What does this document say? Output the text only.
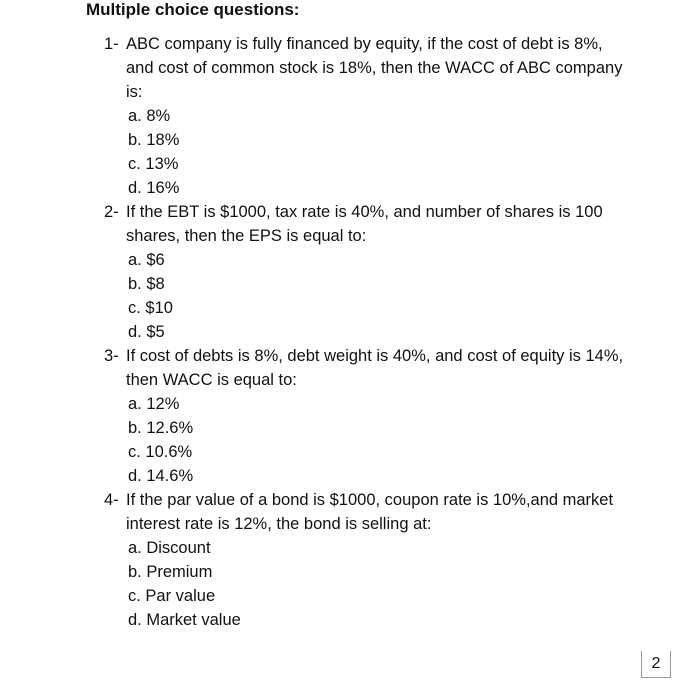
Multiple choice questions:
1- ABC company is fully financed by equity, if the cost of debt is 8%, and cost of common stock is 18%, then the WACC of ABC company is:
a. 8%
b. 18%
c. 13%
d. 16%
2- If the EBT is $1000, tax rate is 40%, and number of shares is 100 shares, then the EPS is equal to:
a. $6
b. $8
c. $10
d. $5
3- If cost of debts is 8%, debt weight is 40%, and cost of equity is 14%, then WACC is equal to:
a. 12%
b. 12.6%
c. 10.6%
d. 14.6%
4- If the par value of a bond is $1000, coupon rate is 10%,and market interest rate is 12%, the bond is selling at:
a. Discount
b. Premium
c. Par value
d. Market value
2
